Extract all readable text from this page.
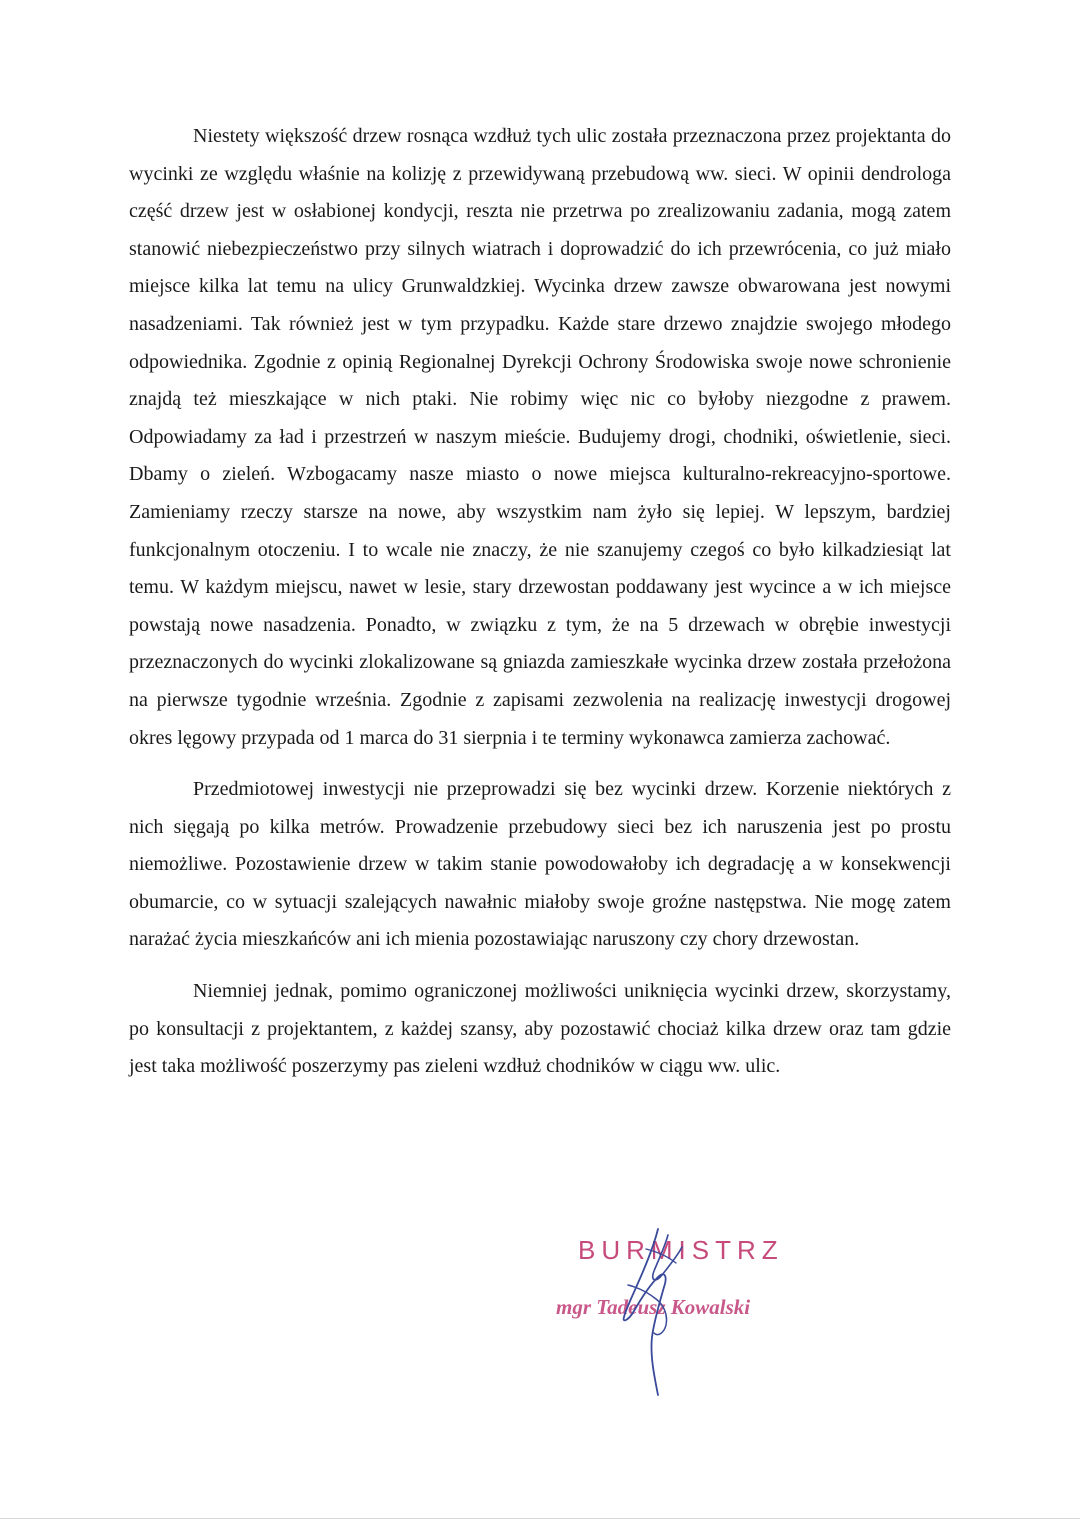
Niestety większość drzew rosnąca wzdłuż tych ulic została przeznaczona przez projektanta do wycinki ze względu właśnie na kolizję z przewidywaną przebudową ww. sieci. W opinii dendrologa część drzew jest w osłabionej kondycji, reszta nie przetrwa po zrealizowaniu zadania, mogą zatem stanowić niebezpieczeństwo przy silnych wiatrach i doprowadzić do ich przewrócenia, co już miało miejsce kilka lat temu na ulicy Grunwaldzkiej. Wycinka drzew zawsze obwarowana jest nowymi nasadzeniami. Tak również jest w tym przypadku. Każde stare drzewo znajdzie swojego młodego odpowiednika. Zgodnie z opinią Regionalnej Dyrekcji Ochrony Środowiska swoje nowe schronienie znajdą też mieszkające w nich ptaki. Nie robimy więc nic co byłoby niezgodne z prawem. Odpowiadamy za ład i przestrzeń w naszym mieście. Budujemy drogi, chodniki, oświetlenie, sieci. Dbamy o zieleń. Wzbogacamy nasze miasto o nowe miejsca kulturalno-rekreacyjno-sportowe. Zamieniamy rzeczy starsze na nowe, aby wszystkim nam żyło się lepiej. W lepszym, bardziej funkcjonalnym otoczeniu. I to wcale nie znaczy, że nie szanujemy czegoś co było kilkadziesiąt lat temu. W każdym miejscu, nawet w lesie, stary drzewostan poddawany jest wycince a w ich miejsce powstają nowe nasadzenia. Ponadto, w związku z tym, że na 5 drzewach w obrębie inwestycji przeznaczonych do wycinki zlokalizowane są gniazda zamieszkałe wycinka drzew została przełożona na pierwsze tygodnie września. Zgodnie z zapisami zezwolenia na realizację inwestycji drogowej okres lęgowy przypada od 1 marca do 31 sierpnia i te terminy wykonawca zamierza zachować.

Przedmiotowej inwestycji nie przeprowadzi się bez wycinki drzew. Korzenie niektórych z nich sięgają po kilka metrów. Prowadzenie przebudowy sieci bez ich naruszenia jest po prostu niemożliwe. Pozostawienie drzew w takim stanie powodowałoby ich degradację a w konsekwencji obumarcie, co w sytuacji szalejących nawałnic miałoby swoje groźne następstwa. Nie mogę zatem narażać życia mieszkańców ani ich mienia pozostawiając naruszony czy chory drzewostan.

Niemniej jednak, pomimo ograniczonej możliwości uniknięcia wycinki drzew, skorzystamy, po konsultacji z projektantem, z każdej szansy, aby pozostawić chociaż kilka drzew oraz tam gdzie jest taka możliwość poszerzymy pas zieleni wzdłuż chodników w ciągu ww. ulic.

BURMISTRZ
mgr Tadeusz Kowalski
